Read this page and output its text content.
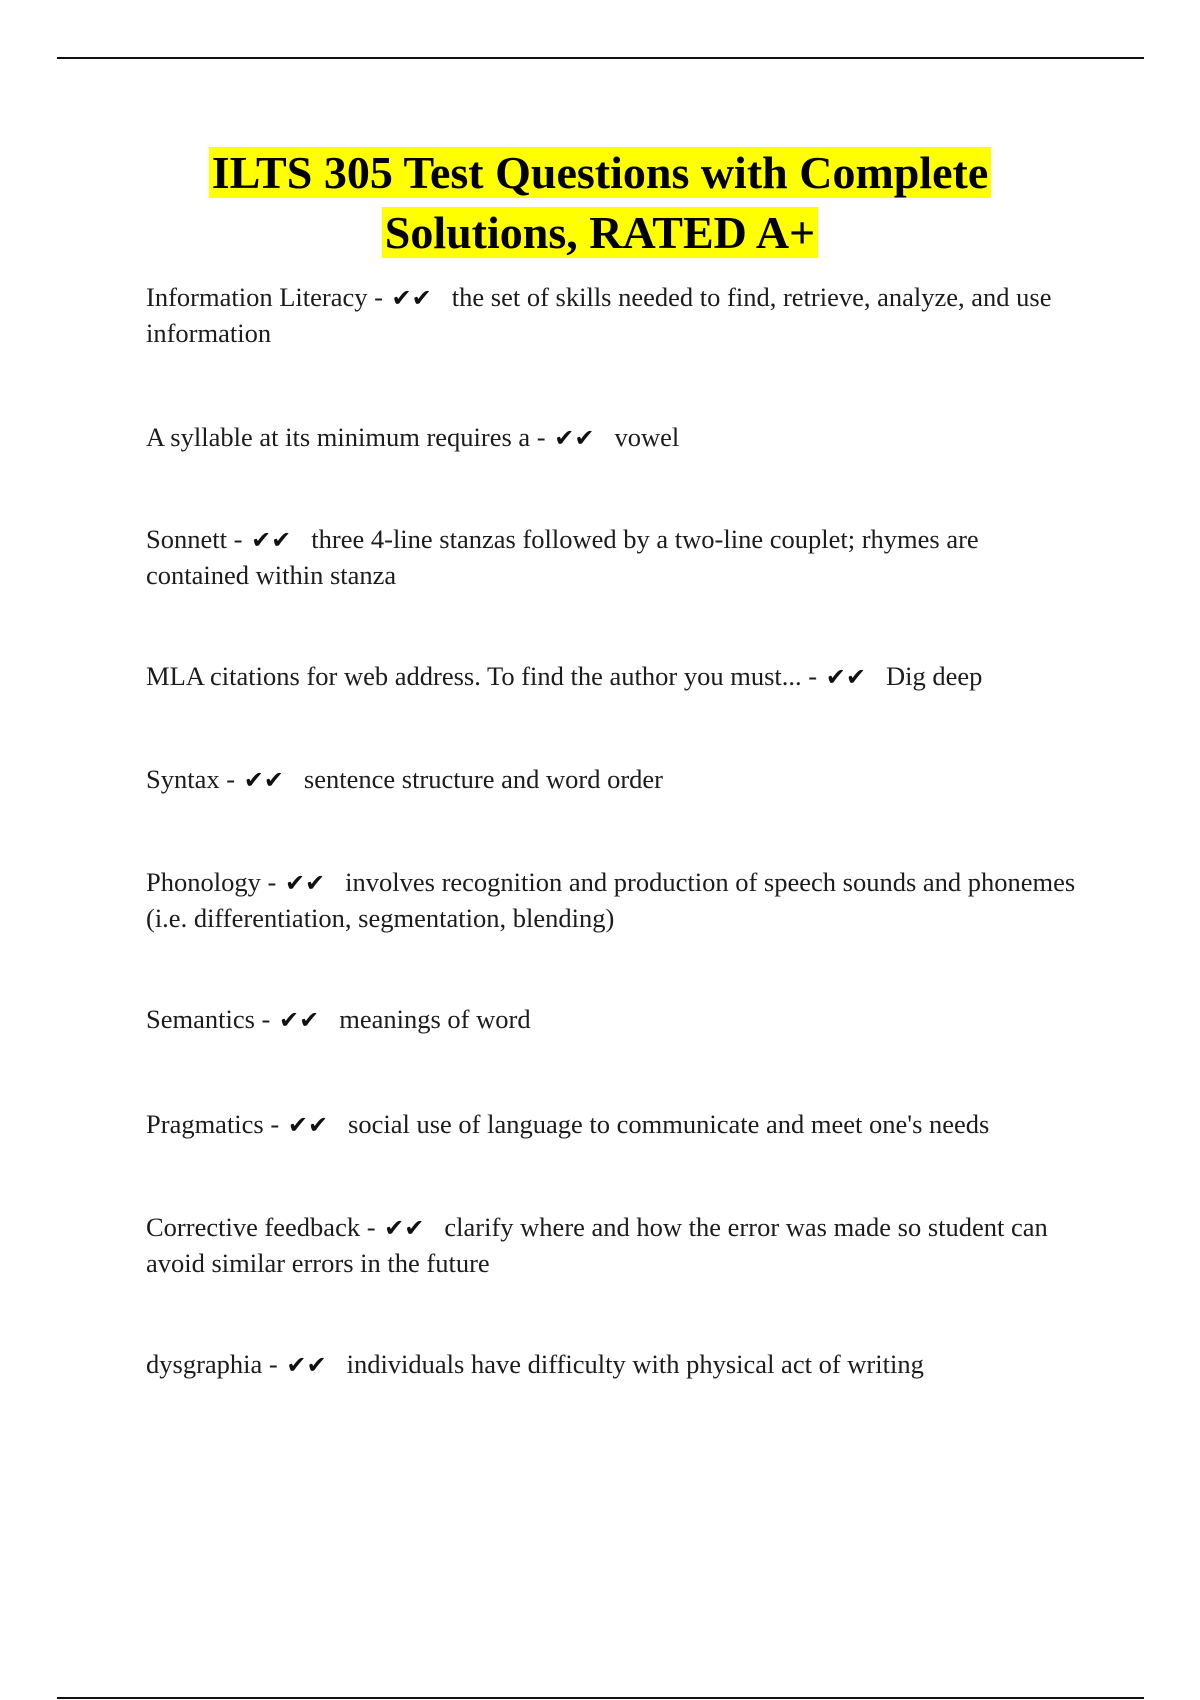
ILTS 305 Test Questions with Complete
Solutions, RATED A+
Information Literacy - ✔✔ the set of skills needed to find, retrieve, analyze, and use information
A syllable at its minimum requires a - ✔✔ vowel
Sonnett - ✔✔ three 4-line stanzas followed by a two-line couplet; rhymes are contained within stanza
MLA citations for web address. To find the author you must... - ✔✔ Dig deep
Syntax - ✔✔ sentence structure and word order
Phonology - ✔✔ involves recognition and production of speech sounds and phonemes (i.e. differentiation, segmentation, blending)
Semantics - ✔✔ meanings of word
Pragmatics - ✔✔ social use of language to communicate and meet one's needs
Corrective feedback - ✔✔ clarify where and how the error was made so student can avoid similar errors in the future
dysgraphia - ✔✔ individuals have difficulty with physical act of writing
